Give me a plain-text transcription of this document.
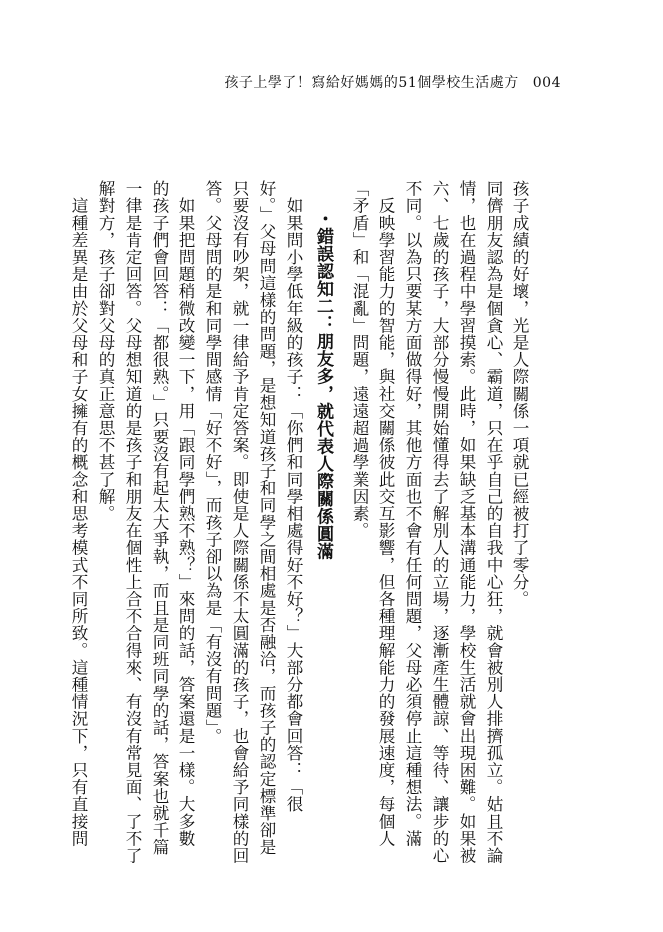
孩子上學了！寫給好媽媽的51個學校生活處方 004
孩子成績的好壞，光是人際關係一項就已經被打了零分。
同儕朋友認為是個貪心、霸道，只在乎自己的自我中心狂，就會被別人排擠孤立。姑且不論
情，也在過程中學習摸索。此時，如果缺乏基本溝通能力，學校生活就會出現困難。如果被
六、七歲的孩子，大部分慢慢開始懂得去了解別人的立場，逐漸產生體諒、等待、讓步的心
不同。以為只要某方面做得好，其他方面也不會有任何問題，父母必須停止這種想法。滿
　反映學習能力的智能，與社交關係彼此交互影響，但各種理解能力的發展速度，每個人
「矛盾」和「混亂」問題，遠遠超過學業因素。
・錯誤認知二：朋友多，就代表人際關係圓滿
　如果問小學低年級的孩子：「你們和同學相處得好不好？」大部分都會回答：「很
好。」父母問這樣的問題，是想知道孩子和同學之間相處是否融洽，而孩子的認定標準卻是
只要沒有吵架，就一律給予肯定答案。即使是人際關係不太圓滿的孩子，也會給予同樣的回
答。父母問的是和同學間感情「好不好」，而孩子卻以為是「有沒有問題」。
　如果把問題稍微改變一下，用「跟同學們熟不熟？」來問的話，答案還是一樣。大多數
的孩子們會回答：「都很熟。」只要沒有起太大爭執，而且是同班同學的話，答案也就千篇
一律是肯定回答。父母想知道的是孩子和朋友在個性上合不合得來、有沒有常見面、了不了
解對方，孩子卻對父母的真正意思不甚了解。
　這種差異是由於父母和子女擁有的概念和思考模式不同所致。這種情況下，只有直接問
